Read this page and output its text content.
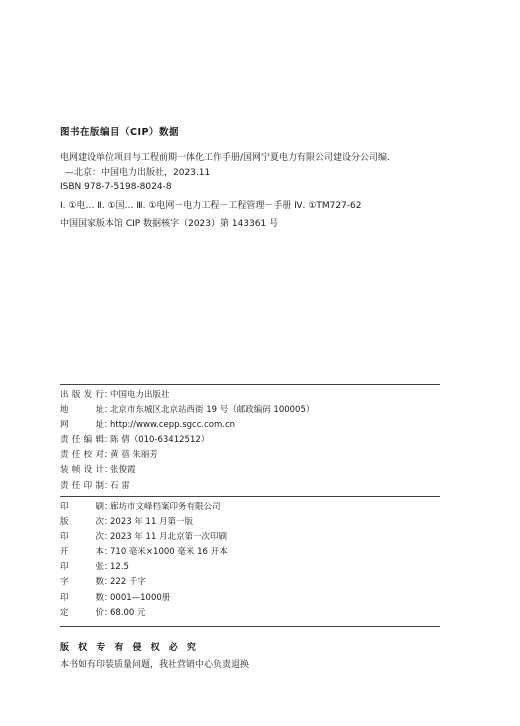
图书在版编目（CIP）数据
电网建设单位项目与工程前期一体化工作手册/国网宁夏电力有限公司建设分公司编.
—北京：中国电力出版社，2023.11
ISBN 978-7-5198-8024-8
Ⅰ. ①电… Ⅱ. ①国… Ⅲ. ①电网－电力工程－工程管理－手册 Ⅳ. ①TM727-62
中国国家版本馆 CIP 数据核字（2023）第 143361 号
出版发行 ：
中国电力出版社
地址 ：
北京市东城区北京站西街 19 号（邮政编码 100005）
网址 ：
http://www.cepp.sgcc.com.cn
责任编辑 ：
陈 倩（010-63412512）
责任校对 ：
黄 蓓 朱丽芳
装帧设计 ：
张俊霞
责任印制 ：
石 雷
印刷 ：
廊坊市文峰档案印务有限公司
版次 ：
2023 年 11 月第一版
印次 ：
2023 年 11 月北京第一次印刷
开本 ：
710 毫米×1000 毫米 16 开本
印张 ：
12.5
字数 ：
222 千字
印数 ：
0001—1000册
定价 ：
68.00 元
版 权 专 有 侵 权 必 究
本书如有印装质量问题，我社营销中心负责退换
